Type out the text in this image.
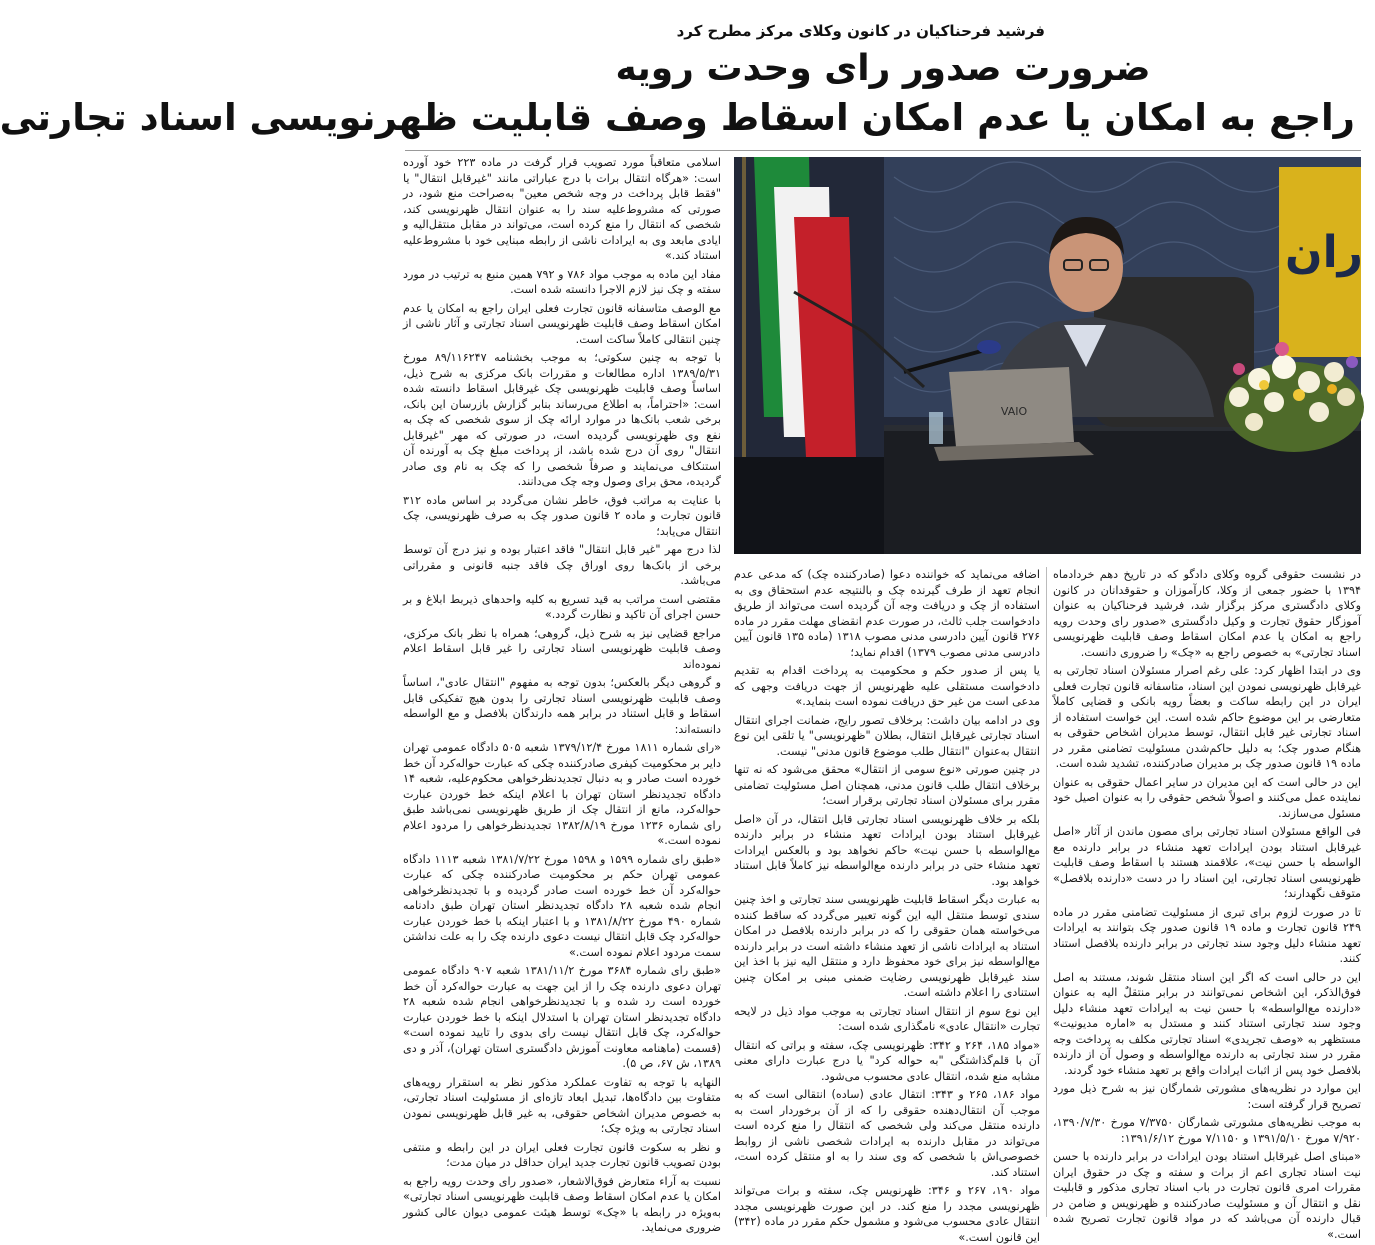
فرشید فرحناکیان در کانون وکلای مرکز مطرح کرد
ضرورت صدور رای وحدت رویه
راجع به امکان یا عدم امکان اسقاط وصف قابلیت ظهرنویسی اسناد تجارتی

اسلامی متعاقباً مورد تصویب قرار گرفت در ماده ۲۲۳ خود آورده است: «هرگاه انتقال برات با درج عباراتی مانند "غیرقابل انتقال" یا "فقط قابل پرداخت در وجه شخص معین" به‌صراحت منع شود، در صورتی که مشروط‌علیه سند را به عنوان انتقال ظهرنویسی کند، شخصی که انتقال را منع کرده است، می‌تواند در مقابل منتقل‌الیه و ایادی مابعد وی به ایرادات ناشی از رابطه مبنایی خود با مشروط‌علیه استناد کند.»

مفاد این ماده به موجب مواد ۷۸۶ و ۷۹۲ همین منبع به ترتیب در مورد سفته و چک نیز لازم الاجرا دانسته شده است.

مع الوصف متاسفانه قانون تجارت فعلی ایران راجع به امکان یا عدم امکان اسقاط وصف قابلیت ظهرنویسی اسناد تجارتی و آثار ناشی از چنین انتقالی کاملاً ساکت است.

با توجه به چنین سکوتی؛ به موجب بخشنامه ۸۹/۱۱۶۲۴۷ مورخ ۱۳۸۹/۵/۳۱ اداره مطالعات و مقررات بانک مرکزی به شرح ذیل، اساساً وصف قابلیت ظهرنویسی چک غیرقابل اسقاط دانسته شده است: «احتراماً، به اطلاع می‌رساند بنابر گزارش بازرسان این بانک، برخی شعب بانک‌ها در موارد ارائه چک از سوی شخصی که چک به نفع وی ظهرنویسی گردیده است، در صورتی که مهر "غیرقابل انتقال" روی آن درج شده باشد، از پرداخت مبلغ چک به آورنده آن استنکاف می‌نمایند و صرفاً شخصی را که چک به نام وی صادر گردیده، محق برای وصول وجه چک می‌دانند.

با عنایت به مراتب فوق، خاطر نشان می‌گردد بر اساس ماده ۳۱۲ قانون تجارت و ماده ۲ قانون صدور چک به صرف ظهرنویسی، چک انتقال می‌یابد؛

لذا درج مهر "غیر قابل انتقال" فاقد اعتبار بوده و نیز درج آن توسط برخی از بانک‌ها روی اوراق چک فاقد جنبه قانونی و مقرراتی می‌باشد.

مقتضی است مراتب به قید تسریع به کلیه واحدهای ذیربط ابلاغ و بر حسن اجرای آن تاکید و نظارت گردد.»

مراجع قضایی نیز به شرح ذیل، گروهی؛ همراه با نظر بانک مرکزی، وصف قابلیت ظهرنویسی اسناد تجارتی را غیر قابل اسقاط اعلام نموده‌اند

و گروهی دیگر بالعکس؛ بدون توجه به مفهوم "انتقال عادی"، اساساً وصف قابلیت ظهرنویسی اسناد تجارتی را بدون هیچ تفکیکی قابل اسقاط و قابل استناد در برابر همه دارندگان بلافصل و مع الواسطه دانسته‌اند:

«رای شماره ۱۸۱۱ مورخ ۱۳۷۹/۱۲/۴ شعبه ۵۰۵ دادگاه عمومی تهران دایر بر محکومیت کیفری صادرکننده چکی که عبارت حواله‌کرد آن خط خورده است صادر و به دنبال تجدیدنظرخواهی محکوم‌علیه، شعبه ۱۴ دادگاه تجدیدنظر استان تهران با اعلام اینکه خط خوردن عبارت حواله‌کرد، مانع از انتقال چک از طریق ظهرنویسی نمی‌باشد طبق رای شماره ۱۲۳۶ مورخ ۱۳۸۲/۸/۱۹ تجدیدنظرخواهی را مردود اعلام نموده است.»

«طبق رای شماره ۱۵۹۹ و ۱۵۹۸ مورخ ۱۳۸۱/۷/۲۲ شعبه ۱۱۱۳ دادگاه عمومی تهران حکم بر محکومیت صادرکننده چکی که عبارت حواله‌کرد آن خط خورده است صادر گردیده و با تجدیدنظرخواهی انجام شده شعبه ۲۸ دادگاه تجدیدنظر استان تهران طبق دادنامه شماره ۴۹۰ مورخ ۱۳۸۱/۸/۲۲ و با اعتبار اینکه با خط خوردن عبارت حواله‌کرد چک قابل انتقال نیست دعوی دارنده چک را به علت نداشتن سمت مردود اعلام نموده است.»

«طبق رای شماره ۳۶۸۴ مورخ ۱۳۸۱/۱۱/۲ شعبه ۹۰۷ دادگاه عمومی تهران دعوی دارنده چک را از این جهت به عبارت حواله‌کرد آن خط خورده است رد شده و با تجدیدنظرخواهی انجام شده شعبه ۲۸ دادگاه تجدیدنظر استان تهران با استدلال اینکه با خط خوردن عبارت حواله‌کرد، چک قابل انتقال نیست رای بدوی را تایید نموده است» (قسمت (ماهنامه معاونت آموزش دادگستری استان تهران)، آذر و دی ۱۳۸۹، ش ۶۷، ص ۵).

النهایه با توجه به تفاوت عملکرد مذکور نظر به استقرار رویه‌های متفاوت بین دادگاه‌ها، تبدیل ابعاد تازه‌ای از مسئولیت اسناد تجارتی، به خصوص مدیران اشخاص حقوقی، به غیر قابل ظهرنویسی نمودن اسناد تجارتی به ویژه چک؛

و نظر به سکوت قانون تجارت فعلی ایران در این رابطه و منتفی بودن تصویب قانون تجارت جدید ایران حداقل در میان مدت؛

نسبت به آراء متعارض فوق‌الاشعار، «صدور رای وحدت رویه راجع به امکان یا عدم امکان اسقاط وصف قابلیت ظهرنویسی اسناد تجارتی» به‌ویژه در رابطه با «چک» توسط هیئت عمومی دیوان عالی کشور ضروری می‌نماید.

ران
VAIO

اضافه می‌نماید که خواننده دعوا (صادرکننده چک) که مدعی عدم انجام تعهد از طرف گیرنده چک و بالنتیجه عدم استحقاق وی به استفاده از چک و دریافت وجه آن گردیده است می‌تواند از طریق دادخواست جلب ثالث، در صورت عدم انقضای مهلت مقرر در ماده ۲۷۶ قانون آیین دادرسی مدنی مصوب ۱۳۱۸ (ماده ۱۳۵ قانون آیین دادرسی مدنی مصوب ۱۳۷۹) اقدام نماید؛

یا پس از صدور حکم و محکومیت به پرداخت اقدام به تقدیم دادخواست مستقلی علیه ظهرنویس از جهت دریافت وجهی که مدعی است من غیر حق دریافت نموده است بنماید.»

وی در ادامه بیان داشت: برخلاف تصور رایج، ضمانت اجرای انتقال اسناد تجارتی غیرقابل انتقال، بطلان "ظهرنویسی" یا تلقی این نوع انتقال به‌عنوان "انتقال طلب موضوع قانون مدنی" نیست.

در چنین صورتی «نوع سومی از انتقال» محقق می‌شود که نه تنها برخلاف انتقال طلب قانون مدنی، همچنان اصل مسئولیت تضامنی مقرر برای مسئولان اسناد تجارتی برقرار است؛

بلکه بر خلاف ظهرنویسی اسناد تجارتی قابل انتقال، در آن «اصل غیرقابل استناد بودن ایرادات تعهد منشاء در برابر دارنده مع‌الواسطه با حسن نیت» حاکم نخواهد بود و بالعکس ایرادات تعهد منشاء حتی در برابر دارنده مع‌الواسطه نیز کاملاً قابل استناد خواهد بود.

به عبارت دیگر اسقاط قابلیت ظهرنویسی سند تجارتی و اخذ چنین سندی توسط منتقل الیه این گونه تعبیر می‌گردد که ساقط کننده می‌خواسته همان حقوقی را که در برابر دارنده بلافصل در امکان استناد به ایرادات ناشی از تعهد منشاء داشته است در برابر دارنده مع‌الواسطه نیز برای خود محفوظ دارد و منتقل الیه نیز با اخذ این سند غیرقابل ظهرنویسی رضایت ضمنی مبنی بر امکان چنین استنادی را اعلام داشته است.

این نوع سوم از انتقال اسناد تجارتی به موجب مواد ذیل در لایحه تجارت «انتقال عادی» نامگذاری شده است:

«مواد ۱۸۵، ۲۶۴ و ۳۴۲: ظهرنویسی چک، سفته و براتی که انتقال آن با قلم‌گذاشتگی "به حواله کرد" یا درج عبارت دارای معنی مشابه منع شده، انتقال عادی محسوب می‌شود.

مواد ۱۸۶، ۲۶۵ و ۳۴۳: انتقال عادی (ساده) انتقالی است که به موجب آن انتقال‌دهنده حقوقی را که از آن برخوردار است به دارنده منتقل می‌کند ولی شخصی که انتقال را منع کرده است می‌تواند در مقابل دارنده به ایرادات شخصی ناشی از روابط خصوصی‌اش با شخصی که وی سند را به او منتقل کرده است، استناد کند.

مواد ۱۹۰، ۲۶۷ و ۳۴۶: ظهرنویس چک، سفته و برات می‌تواند ظهرنویسی مجدد را منع کند. در این صورت ظهرنویسی مجدد انتقال عادی محسوب می‌شود و مشمول حکم مقرر در ماده (۳۴۲) این قانون است.»

در نشست حقوقی گروه وکلای دادگو که در تاریخ دهم خردادماه ۱۳۹۴ با حضور جمعی از وکلا، کارآموزان و حقوقدانان در کانون وکلای دادگستری مرکز برگزار شد، فرشید فرحناکیان به عنوان آموزگار حقوق تجارت و وکیل دادگستری «صدور رای وحدت رویه راجع به امکان یا عدم امکان اسقاط وصف قابلیت ظهرنویسی اسناد تجارتی» به خصوص راجع به «چک» را ضروری دانست.

وی در ابتدا اظهار کرد: علی رغم اصرار مسئولان اسناد تجارتی به غیرقابل ظهرنویسی نمودن این اسناد، متاسفانه قانون تجارت فعلی ایران در این رابطه ساکت و بعضاً رویه بانکی و قضایی کاملاً متعارضی بر این موضوع حاکم شده است. این خواست استفاده از اسناد تجارتی غیر قابل انتقال، توسط مدیران اشخاص حقوقی به هنگام صدور چک؛ به دلیل حاکم‌شدن مسئولیت تضامنی مقرر در ماده ۱۹ قانون صدور چک بر مدیران صادرکننده، تشدید شده است.

این در حالی است که این مدیران در سایر اعمال حقوقی به عنوان نماینده عمل می‌کنند و اصولاً شخص حقوقی را به عنوان اصیل خود مسئول می‌سازند.

فی الواقع مسئولان اسناد تجارتی برای مصون ماندن از آثار «اصل غیرقابل استناد بودن ایرادات تعهد منشاء در برابر دارنده مع الواسطه با حسن نیت»، علاقمند هستند با اسقاط وصف قابلیت ظهرنویسی اسناد تجارتی، این اسناد را در دست «دارنده بلافصل» متوقف نگهدارند؛

تا در صورت لزوم برای تبری از مسئولیت تضامنی مقرر در ماده ۲۴۹ قانون تجارت و ماده ۱۹ قانون صدور چک بتوانند به ایرادات تعهد منشاء دلیل وجود سند تجارتی در برابر دارنده بلافصل استناد کنند.

این در حالی است که اگر این اسناد منتقل شوند، مستند به اصل فوق‌الذکر، این اشخاص نمی‌توانند در برابر منتقلٌ الیه به عنوان «دارنده مع‌الواسطه» با حسن نیت به ایرادات تعهد منشاء دلیل وجود سند تجارتی استناد کنند و مستدل به «اماره مدیونیت» مستظهر به «وصف تجریدی» اسناد تجارتی مکلف به پرداخت وجه مقرر در سند تجارتی به دارنده مع‌الواسطه و وصول آن از دارنده بلافصل خود پس از اثبات ایرادات واقع بر تعهد منشاء خود گردند.

این موارد در نظریه‌های مشورتی شمارگان نیز به شرح ذیل مورد تصریح قرار گرفته است:

به موجب نظریه‌های مشورتی شمارگان ۷/۳۷۵۰ مورخ ۱۳۹۰/۷/۳۰، ۷/۹۲۰ مورخ ۱۳۹۱/۵/۱۰ و ۷/۱۱۵۰ مورخ ۱۳۹۱/۶/۱۲:

«مبنای اصل غیرقابل استناد بودن ایرادات در برابر دارنده با حسن نیت اسناد تجاری اعم از برات و سفته و چک در حقوق ایران مقررات امری قانون تجارت در باب اسناد تجاری مذکور و قابلیت نقل و انتقال آن و مسئولیت صادرکننده و ظهرنویس و ضامن در قبال دارنده آن می‌باشد که در مواد قانون تجارت تصریح شده است.»
